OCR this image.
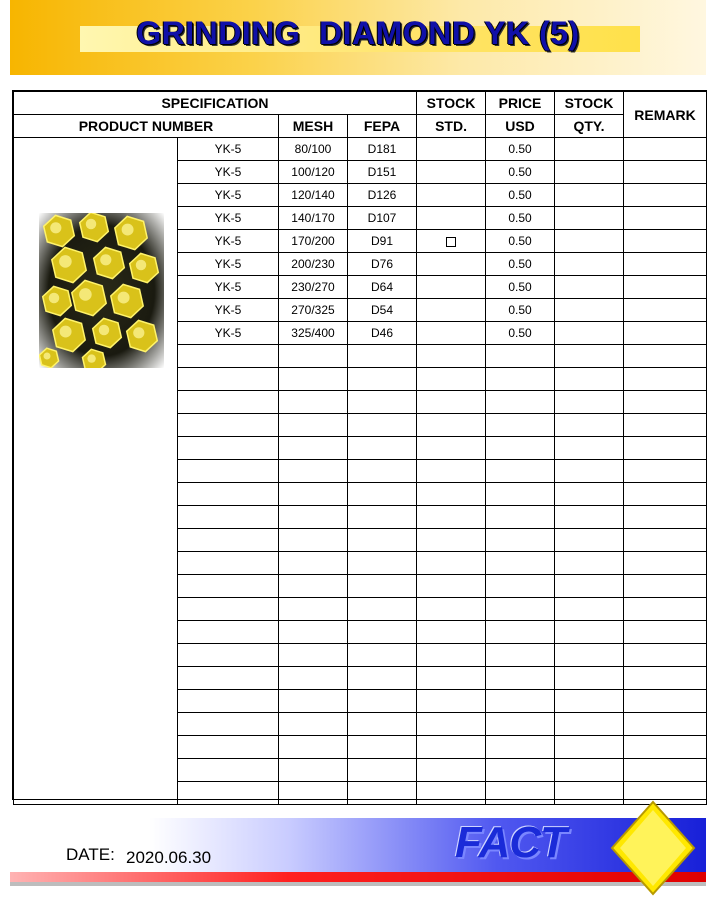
GRINDING  DIAMOND YK (5)
SPECIFICATION				STOCK	PRICE	STOCK	REMARK
PRODUCT NUMBER		MESH	FEPA	STD.	USD	QTY.	

	YK-5	80/100	D181		0.50		
	YK-5	100/120	D151		0.50		
	YK-5	120/140	D126		0.50		
	YK-5	140/170	D107		0.50		
	YK-5	170/200	D91		0.50		
	YK-5	200/230	D76		0.50		
	YK-5	230/270	D64		0.50		
	YK-5	270/325	D54		0.50		
	YK-5	325/400	D46		0.50		

DATE: 2020.06.30	FACT
